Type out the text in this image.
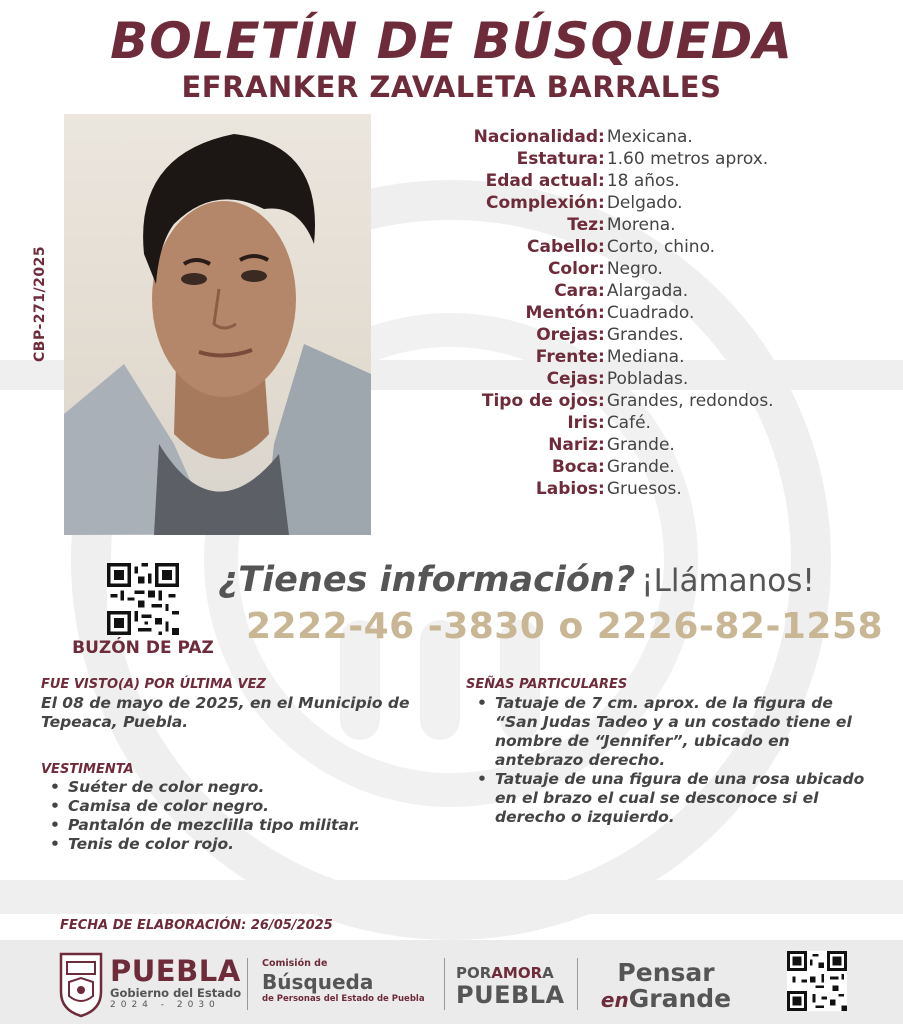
BOLETÍN DE BÚSQUEDA
EFRANKER ZAVALETA BARRALES
CBP-271/2025
Nacionalidad : Mexicana.
Estatura : 1.60 metros aprox.
Edad actual : 18 años.
Complexión : Delgado.
Tez : Morena.
Cabello : Corto, chino.
Color : Negro.
Cara : Alargada.
Mentón : Cuadrado.
Orejas : Grandes.
Frente : Mediana.
Cejas : Pobladas.
Tipo de ojos : Grandes, redondos.
Iris : Café.
Nariz : Grande.
Boca : Grande.
Labios : Gruesos.
BUZÓN DE PAZ
¿Tienes información? ¡Llámanos!
2222-46 -3830 o 2226-82-1258
FUE VISTO(A) POR ÚLTIMA VEZ
El 08 de mayo de 2025, en el Municipio de Tepeaca, Puebla.
VESTIMENTA
• Suéter de color negro.
• Camisa de color negro.
• Pantalón de mezclilla tipo militar.
• Tenis de color rojo.
SEÑAS PARTICULARES
• Tatuaje de 7 cm. aprox. de la figura de “San Judas Tadeo y a un costado tiene el nombre de “Jennifer”, ubicado en antebrazo derecho.
• Tatuaje de una figura de una rosa ubicado en el brazo el cual se desconoce si el derecho o izquierdo.
FECHA DE ELABORACIÓN: 26/05/2025
PUEBLA
Gobierno del Estado
2024 - 2030
Comisión de
Búsqueda
de Personas del Estado de Puebla
PORAMORA
PUEBLA
Pensar
enGrande
